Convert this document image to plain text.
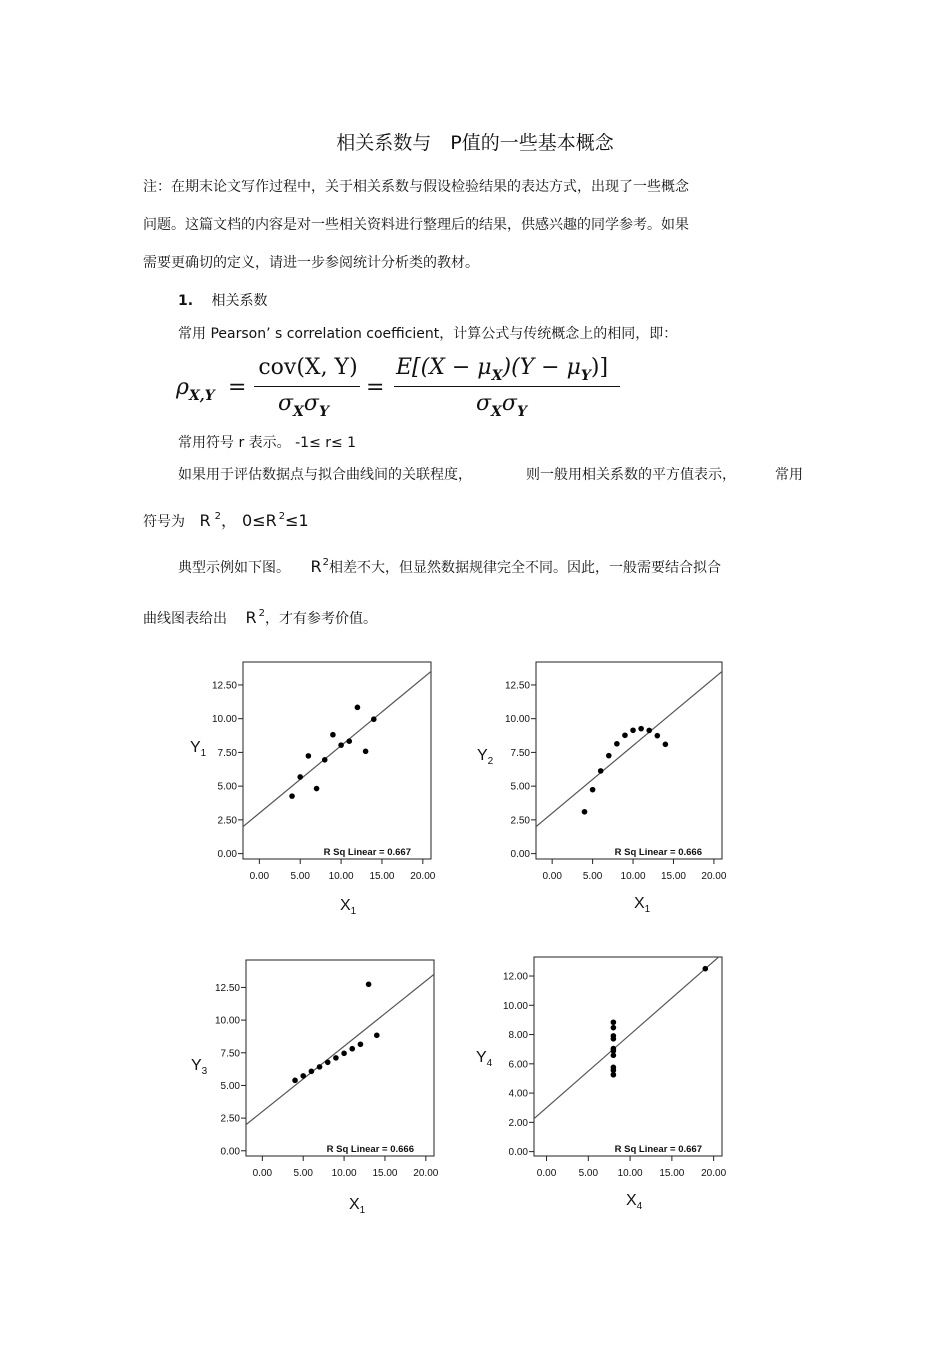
相关系数与　P值的一些基本概念
注：在期末论文写作过程中，关于相关系数与假设检验结果的表达方式，出现了一些概念
问题。这篇文档的内容是对一些相关资料进行整理后的结果，供感兴趣的同学参考。如果
需要更确切的定义，请进一步参阅统计分析类的教材。
1. 相关系数
常用 Pearson’ s correlation coefficient，计算公式与传统概念上的相同，即：
$\rho_{X,Y}$ =
cov(X, Y)
$\sigma_X\sigma_Y$
=
$E[(X - \mu_X)(Y - \mu_Y)]$
$\sigma_X\sigma_Y$
常用符号 r 表示。 -1≤ r≤ 1
如果用于评估数据点与拟合曲线间的关联程度，	则一般用相关系数的平方值表示，	常用
符号为 R $^2$， 0≤R $^2$≤1
典型示例如下图。 $R^2$相差不大，但显然数据规律完全不同。因此，一般需要结合拟合
曲线图表给出 R $^2$，才有参考价值。
0.00
2.50
5.00
7.50
10.00
12.50
0.00 5.00 10.00 15.00 20.00
R Sq Linear = 0.667
$Y_1$
$X_1$
0.00
2.50
5.00
7.50
10.00
12.50
0.00 5.00 10.00 15.00 20.00
R Sq Linear = 0.666
$Y_2$
$X_1$
0.00
2.50
5.00
7.50
10.00
12.50
0.00 5.00 10.00 15.00 20.00
R Sq Linear = 0.666
$Y_3$
$X_1$
0.00
2.00
4.00
6.00
8.00
10.00
12.00
0.00 5.00 10.00 15.00 20.00
R Sq Linear = 0.667
$Y_4$
$X_4$
